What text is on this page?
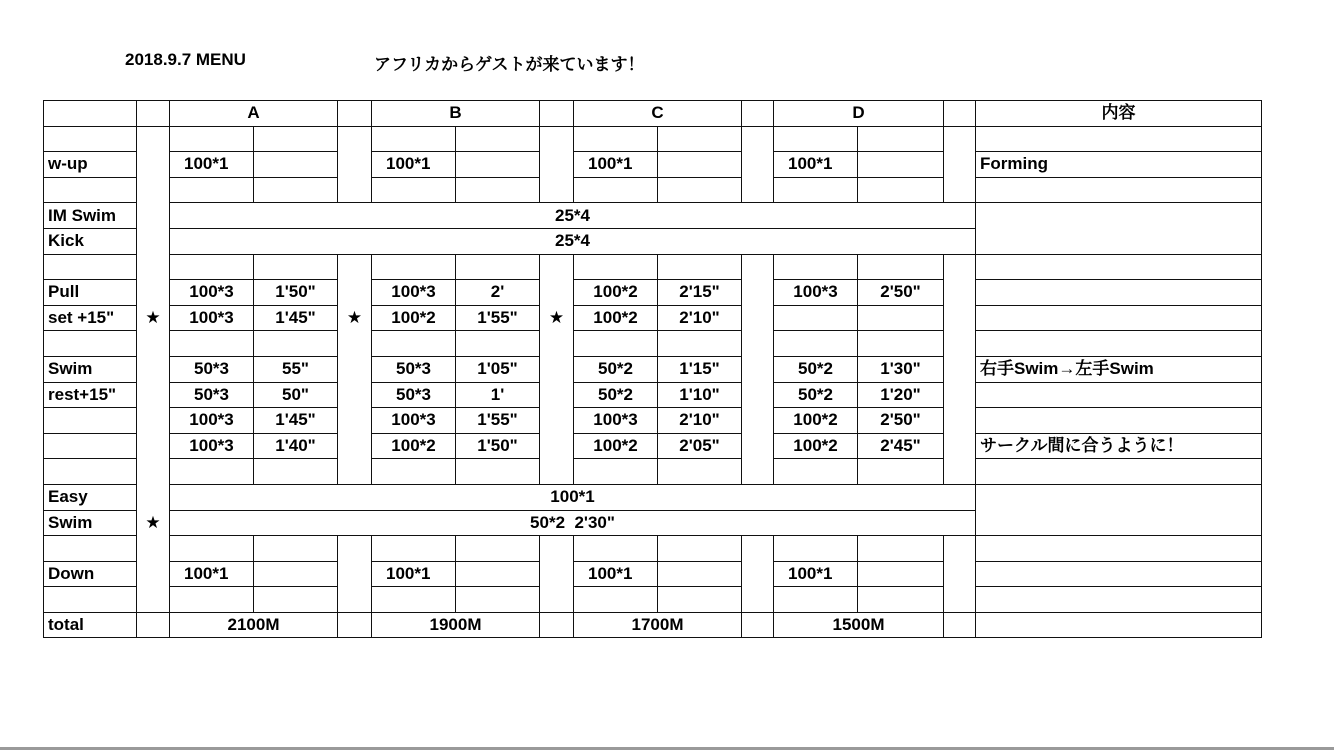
2018.9.7 MENU	アフリカからゲストが来ています！
		A			B			C			D			内容	

w-up		100*1			100*1			100*1			100*1			Forming	

IM Swim		25*4		
Kick		25*4													

Pull		100*3	1'50"		100*3	2'		100*2	2'15"		100*3	2'50"			
set +15"	★	100*3	1'45"	★	100*2	1'55"	★	100*2	2'10"						

Swim		50*3	55"		50*3	1'05"		50*2	1'15"		50*2	1'30"		右手Swim→左手Swim	
rest+15"		50*3	50"		50*3	1'		50*2	1'10"		50*2	1'20"			
		100*3	1'45"		100*3	1'55"		100*3	2'10"		100*2	2'50"			
		100*3	1'40"		100*2	1'50"		100*2	2'05"		100*2	2'45"		サークル間に合うように！	

Easy		100*1													
Swim	★	50*2  2'30"		

Down		100*1			100*1			100*1			100*1				

total		2100M			1900M			1700M			1500M				
